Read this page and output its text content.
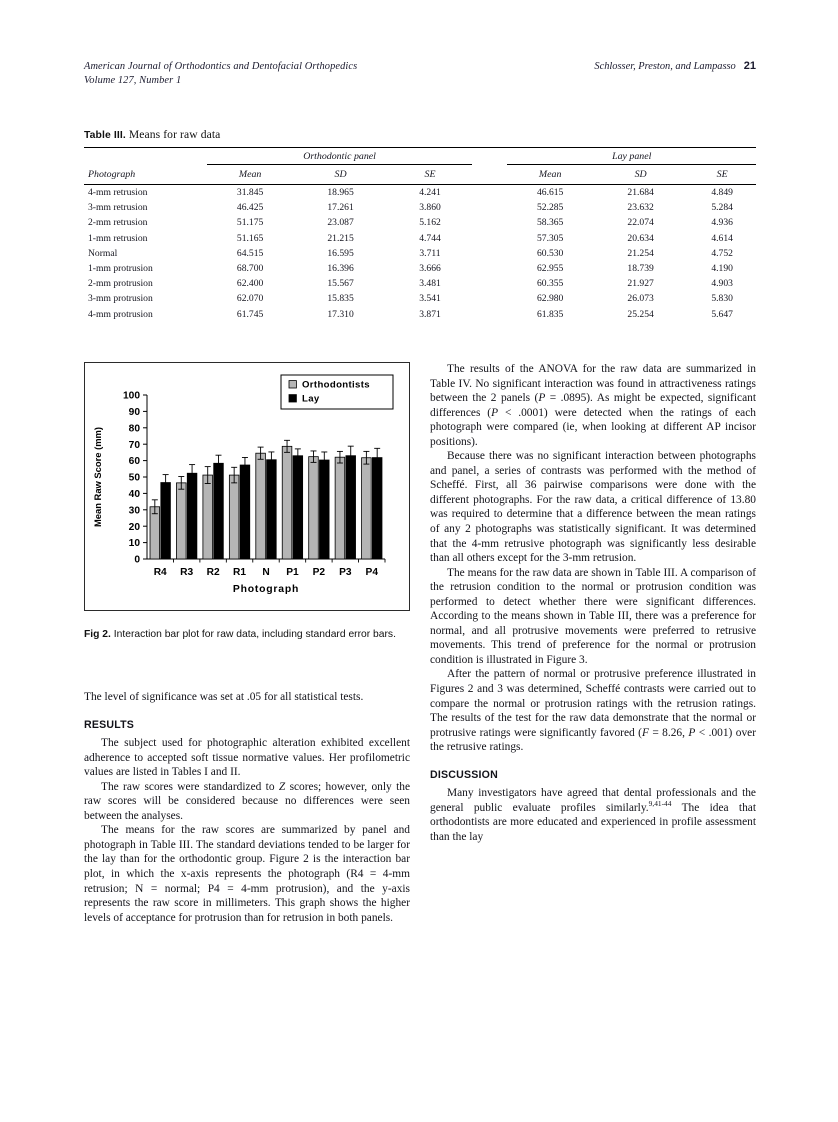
American Journal of Orthodontics and Dentofacial Orthopedics
Volume 127, Number 1
Schlosser, Preston, and Lampasso 21
Table III. Means for raw data
	Orthodontic panel				Lay panel		
Photograph	Mean	SD	SE		Mean	SD	SE
4-mm retrusion	31.845	18.965	4.241		46.615	21.684	4.849
3-mm retrusion	46.425	17.261	3.860		52.285	23.632	5.284
2-mm retrusion	51.175	23.087	5.162		58.365	22.074	4.936
1-mm retrusion	51.165	21.215	4.744		57.305	20.634	4.614
Normal	64.515	16.595	3.711		60.530	21.254	4.752
1-mm protrusion	68.700	16.396	3.666		62.955	18.739	4.190
2-mm protrusion	62.400	15.567	3.481		60.355	21.927	4.903
3-mm protrusion	62.070	15.835	3.541		62.980	26.073	5.830
4-mm protrusion	61.745	17.310	3.871		61.835	25.254	5.647
0
10
20
30
40
50
60
70
80
90
100
Mean Raw Score (mm)
R4 R3 R2 R1 N P1 P2 P3 P4
Photograph
Orthodontists
Lay
Fig 2. Interaction bar plot for raw data, including standard error bars.

The level of significance was set at .05 for all statistical tests.

RESULTS

The subject used for photographic alteration exhibited excellent adherence to accepted soft tissue normative values. Her profilometric values are listed in Tables I and II.

The raw scores were standardized to Z scores; however, only the raw scores will be considered because no differences were seen between the analyses.

The means for the raw scores are summarized by panel and photograph in Table III. The standard deviations tended to be larger for the lay than for the orthodontic group. Figure 2 is the interaction bar plot, in which the x-axis represents the photograph (R4 = 4-mm retrusion; N = normal; P4 = 4-mm protrusion), and the y-axis represents the raw score in millimeters. This graph shows the higher levels of acceptance for protrusion than for retrusion in both panels.

The results of the ANOVA for the raw data are summarized in Table IV. No significant interaction was found in attractiveness ratings between the 2 panels (P = .0895). As might be expected, significant differences (P < .0001) were detected when the ratings of each photograph were compared (ie, when looking at different AP incisor positions).

Because there was no significant interaction between photographs and panel, a series of contrasts was performed with the method of Scheffé. First, all 36 pairwise comparisons were done with the different photographs. For the raw data, a critical difference of 13.80 was required to determine that a difference between the mean ratings of any 2 photographs was statistically significant. It was determined that the 4-mm retrusive photograph was significantly less desirable than all others except for the 3-mm retrusion.

The means for the raw data are shown in Table III. A comparison of the retrusion condition to the normal or protrusion condition was performed to detect whether there were significant differences. According to the means shown in Table III, there was a preference for normal, and all protrusive movements were preferred to retrusive movements. This trend of preference for the normal or protrusion condition is illustrated in Figure 3.

After the pattern of normal or protrusive preference illustrated in Figures 2 and 3 was determined, Scheffé contrasts were carried out to compare the normal or protrusion ratings with the retrusion ratings. The results of the test for the raw data demonstrate that the normal or protrusive ratings were significantly favored (F = 8.26, P < .001) over the retrusive ratings.

DISCUSSION

Many investigators have agreed that dental professionals and the general public evaluate profiles similarly.$^{9,41-44}$ The idea that orthodontists are more educated and experienced in profile assessment than the lay
